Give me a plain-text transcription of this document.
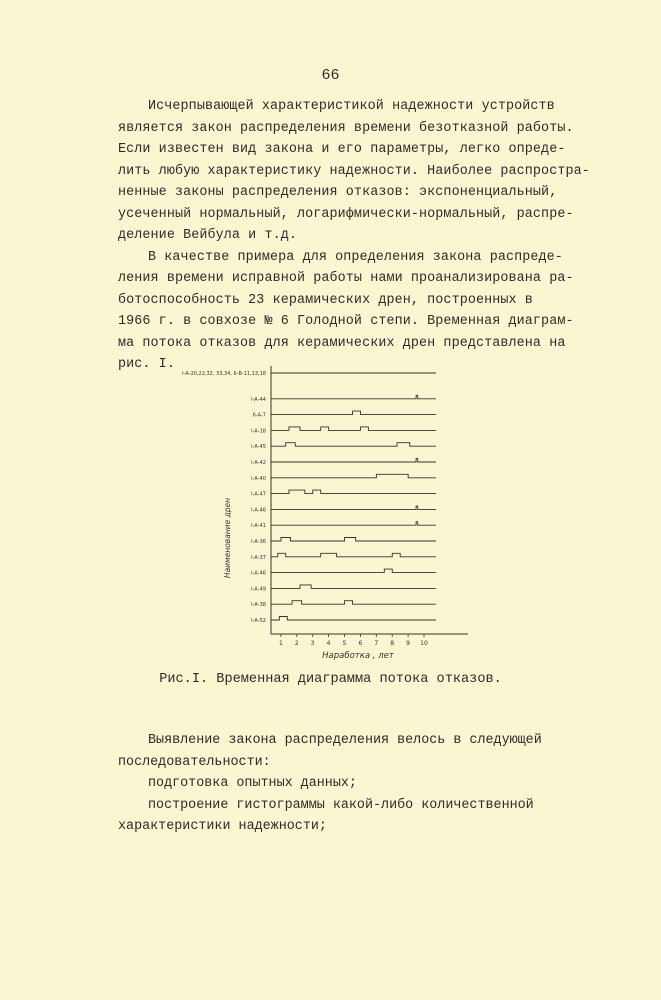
66
Исчерпывающей характеристикой надежности устройств
является закон распределения времени безотказной работы.
Если известен вид закона и его параметры, легко опреде-
лить любую характеристику надежности. Наиболее распростра-
ненные законы распределения отказов: экспоненциальный,
усеченный нормальный, логарифмически-нормальный, распре-
деление Вейбула и т.д.
В качестве примера для определения закона распреде-
ления времени исправной работы нами проанализирована ра-
ботоспособность 23 керамических дрен, построенных в
1966 г. в совхозе № 6 Голодной степи. Временная диаграм-
ма потока отказов для керамических дрен представлена на
рис. I.
1 2 3 4 5 6 7 8 9 10
Наработка , лет
Наименование дрен
I-А-20,22,32, 33,34, 6-В-11,13,18
I-А-44
6-А-7
I-А-18
I-А-45
I-А-42
I-А-40
I-А-47
I-А-46
I-А-41
I-А-36
I-А-37
I-А-46
I-А-49
I-А-38
I-А-52
Рис.I. Временная диаграмма потока отказов.
Выявление закона распределения велось в следующей
последовательности:
подготовка опытных данных;
построение гистограммы какой-либо количественной
характеристики надежности;
